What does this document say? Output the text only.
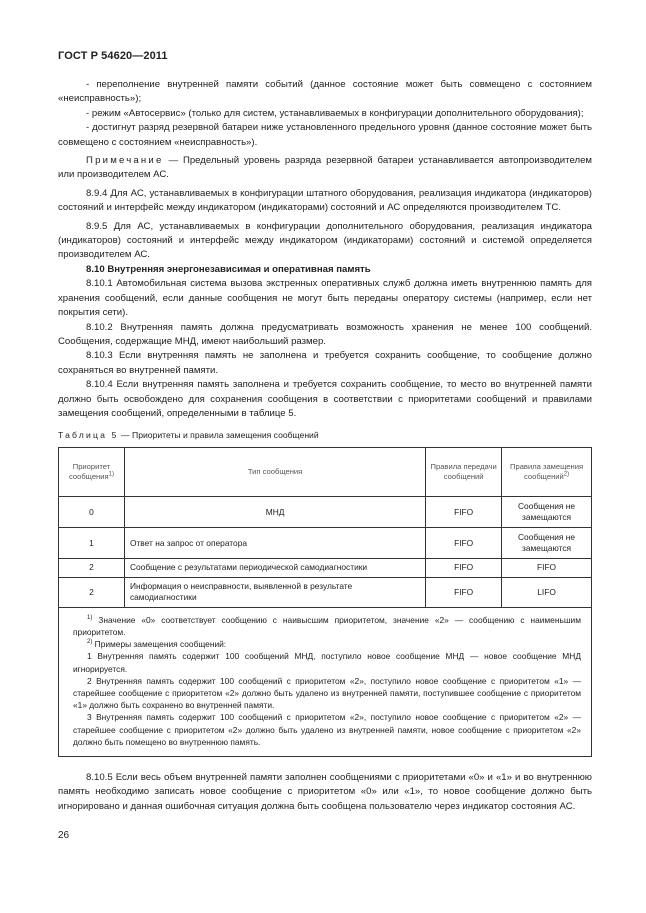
ГОСТ Р 54620—2011

- переполнение внутренней памяти событий (данное состояние может быть совмещено с состоянием «неисправность»);

- режим «Автосервис» (только для систем, устанавливаемых в конфигурации дополнительного оборудования);

- достигнут разряд резервной батареи ниже установленного предельного уровня (данное состояние может быть совмещено с состоянием «неисправность»).

Примечание — Предельный уровень разряда резервной батареи устанавливается автопроизводителем или производителем АС.

8.9.4 Для АС, устанавливаемых в конфигурации штатного оборудования, реализация индикатора (индикаторов) состояний и интерфейс между индикатором (индикаторами) состояний и АС определяются производителем ТС.

8.9.5 Для АС, устанавливаемых в конфигурации дополнительного оборудования, реализация индикатора (индикаторов) состояний и интерфейс между индикатором (индикаторами) состояний и системой определяется производителем АС.

8.10 Внутренняя энергонезависимая и оперативная память

8.10.1 Автомобильная система вызова экстренных оперативных служб должна иметь внутреннюю память для хранения сообщений, если данные сообщения не могут быть переданы оператору системы (например, если нет покрытия сети).

8.10.2 Внутренняя память должна предусматривать возможность хранения не менее 100 сообщений. Сообщения, содержащие МНД, имеют наибольший размер.

8.10.3 Если внутренняя память не заполнена и требуется сохранить сообщение, то сообщение должно сохраняться во внутренней памяти.

8.10.4 Если внутренняя память заполнена и требуется сохранить сообщение, то место во внутренней памяти должно быть освобождено для сохранения сообщения в соответствии с приоритетами сообщений и правилами замещения сообщений, определенными в таблице 5.

Таблица 5 — Приоритеты и правила замещения сообщений
Приоритет сообщения$^{1)}$	Тип сообщения	Правила передачи сообщений	Правила замещения сообщений$^{2)}$
0	МНД	FIFO	Сообщения не замещаются
1	Ответ на запрос от оператора	FIFO	Сообщения не замещаются
2	Сообщение с результатами периодической самодиагностики	FIFO	FIFO
2	Информация о неисправности, выявленной в результате самодиагностики	FIFO	LIFO

$^{1)}$ Значение «0» соответствует сообщению с наивысшим приоритетом, значение «2» — сообщению с наименьшим приоритетом.

$^{2)}$ Примеры замещения сообщений:

1 Внутренняя память содержит 100 сообщений МНД, поступило новое сообщение МНД — новое сообщение МНД игнорируется.

2 Внутренняя память содержит 100 сообщений с приоритетом «2», поступило новое сообщение с приоритетом «1» — старейшее сообщение с приоритетом «2» должно быть удалено из внутренней памяти, поступившее сообщение с приоритетом «1» должно быть сохранено во внутренней памяти.

3 Внутренняя память содержит 100 сообщений с приоритетом «2», поступило новое сообщение с приоритетом «2» — старейшее сообщение с приоритетом «2» должно быть удалено из внутренней памяти, новое сообщение с приоритетом «2» должно быть помещено во внутреннюю память.			

8.10.5 Если весь объем внутренней памяти заполнен сообщениями с приоритетами «0» и «1» и во внутреннюю память необходимо записать новое сообщение с приоритетом «0» или «1», то новое сообщение должно быть игнорировано и данная ошибочная ситуация должна быть сообщена пользователю через индикатор состояния АС.

26
